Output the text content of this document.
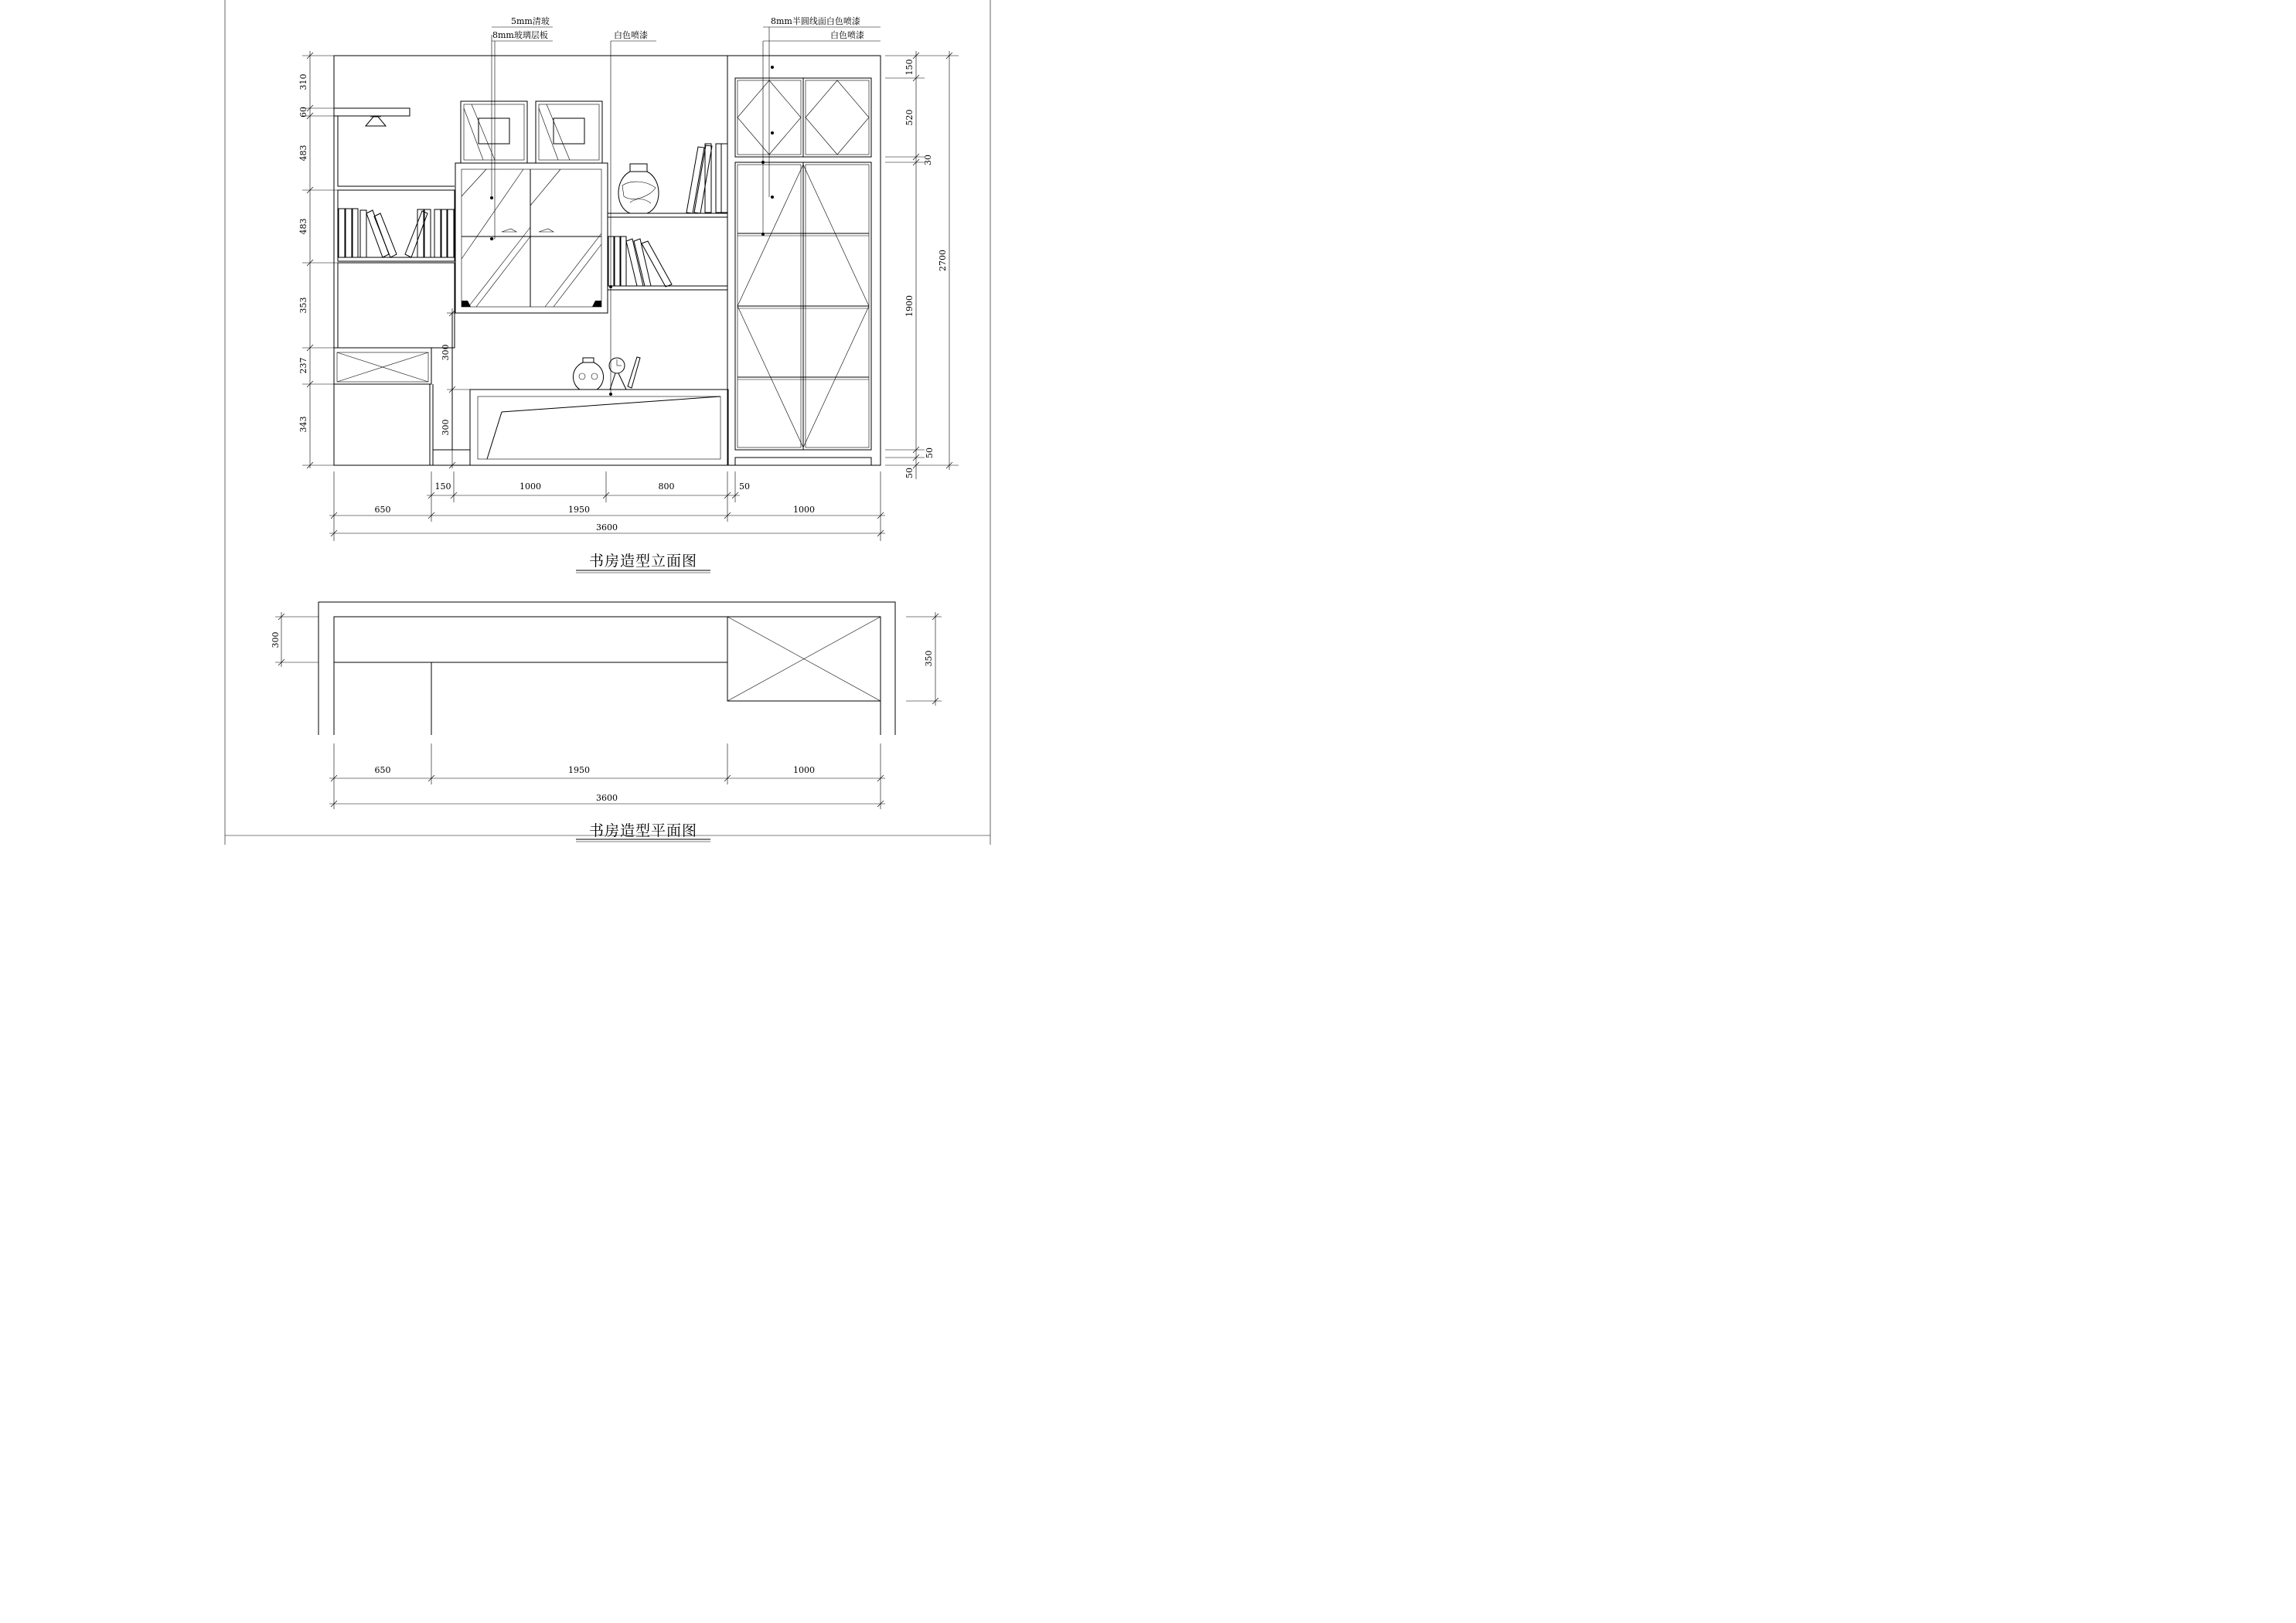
5mm清玻
8mm玻璃层板	白色喷漆
8mm半圆线面白色喷漆
白色喷漆
310
60
483
483
353
237
343
300
300
150
520
30
1900
50
50
2700
150	1000	800	50
650	1950	1000
3600
书房造型立面图
300
350
650	1950	1000
3600
书房造型平面图
